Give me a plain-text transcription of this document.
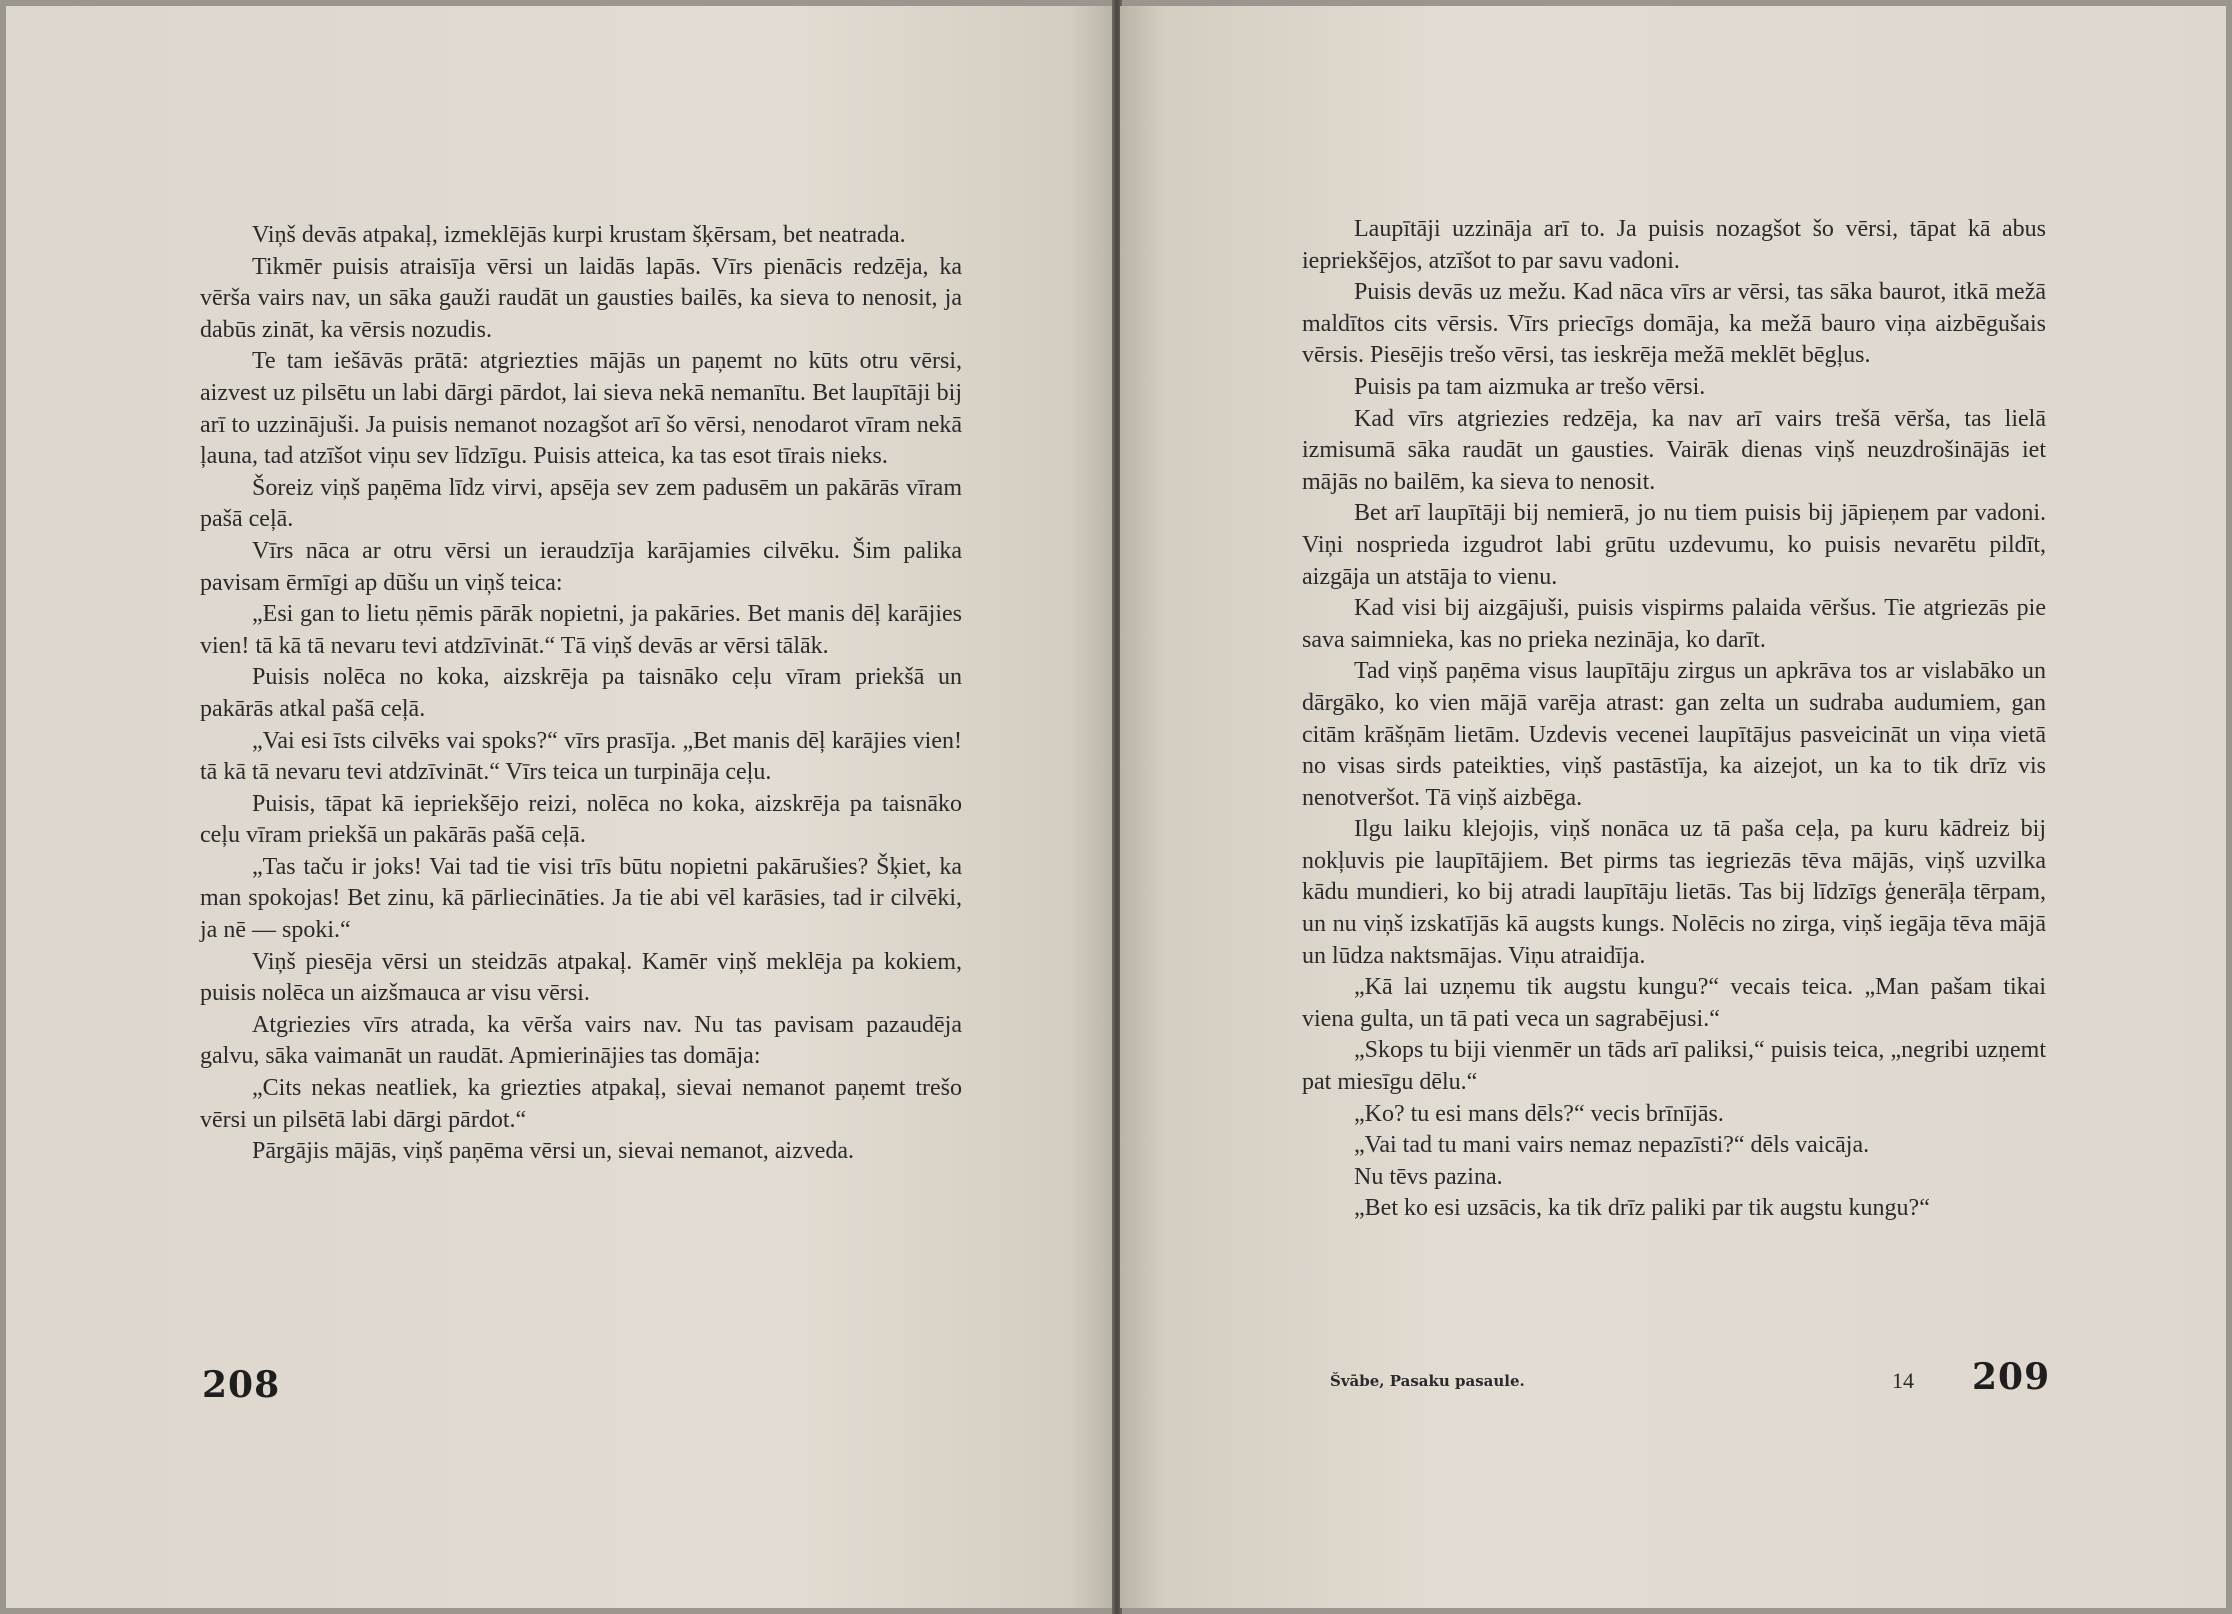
Viņš devās atpakaļ, izmeklējās kurpi krustam šķērsam, bet neatrada.

Tikmēr puisis atraisīja vērsi un laidās lapās. Vīrs pienācis redzēja, ka vērša vairs nav, un sāka gauži raudāt un gausties bailēs, ka sieva to nenosit, ja dabūs zināt, ka vērsis nozudis.

Te tam iešāvās prātā: atgriezties mājās un paņemt no kūts otru vērsi, aizvest uz pilsētu un labi dārgi pārdot, lai sieva nekā nemanītu. Bet laupītāji bij arī to uzzinājuši. Ja puisis nemanot nozagšot arī šo vērsi, nenodarot vīram nekā ļauna, tad atzīšot viņu sev līdzīgu. Puisis atteica, ka tas esot tīrais nieks.

Šoreiz viņš paņēma līdz virvi, apsēja sev zem padusēm un pakārās vīram pašā ceļā.

Vīrs nāca ar otru vērsi un ieraudzīja karājamies cilvēku. Šim palika pavisam ērmīgi ap dūšu un viņš teica:

„Esi gan to lietu ņēmis pārāk nopietni, ja pakāries. Bet manis dēļ karājies vien! tā kā tā nevaru tevi atdzīvināt.“ Tā viņš devās ar vērsi tālāk.

Puisis nolēca no koka, aizskrēja pa taisnāko ceļu vīram priekšā un pakārās atkal pašā ceļā.

„Vai esi īsts cilvēks vai spoks?“ vīrs prasīja. „Bet manis dēļ karājies vien! tā kā tā nevaru tevi atdzīvināt.“ Vīrs teica un turpināja ceļu.

Puisis, tāpat kā iepriekšējo reizi, nolēca no koka, aizskrēja pa taisnāko ceļu vīram priekšā un pakārās pašā ceļā.

„Tas taču ir joks! Vai tad tie visi trīs būtu nopietni pakārušies? Šķiet, ka man spokojas! Bet zinu, kā pārliecināties. Ja tie abi vēl karāsies, tad ir cilvēki, ja nē — spoki.“

Viņš piesēja vērsi un steidzās atpakaļ. Kamēr viņš meklēja pa kokiem, puisis nolēca un aizšmauca ar visu vērsi.

Atgriezies vīrs atrada, ka vērša vairs nav. Nu tas pavisam pazaudēja galvu, sāka vaimanāt un raudāt. Apmierinājies tas domāja:

„Cits nekas neatliek, ka griezties atpakaļ, sievai nemanot paņemt trešo vērsi un pilsētā labi dārgi pārdot.“

Pārgājis mājās, viņš paņēma vērsi un, sievai nemanot, aizveda.

208

Laupītāji uzzināja arī to. Ja puisis nozagšot šo vērsi, tāpat kā abus iepriekšējos, atzīšot to par savu vadoni.

Puisis devās uz mežu. Kad nāca vīrs ar vērsi, tas sāka baurot, itkā mežā maldītos cits vērsis. Vīrs priecīgs domāja, ka mežā bauro viņa aizbēgušais vērsis. Piesējis trešo vērsi, tas ieskrēja mežā meklēt bēgļus.

Puisis pa tam aizmuka ar trešo vērsi.

Kad vīrs atgriezies redzēja, ka nav arī vairs trešā vērša, tas lielā izmisumā sāka raudāt un gausties. Vairāk dienas viņš neuzdrošinājās iet mājās no bailēm, ka sieva to nenosit.

Bet arī laupītāji bij nemierā, jo nu tiem puisis bij jāpieņem par vadoni. Viņi nosprieda izgudrot labi grūtu uzdevumu, ko puisis nevarētu pildīt, aizgāja un atstāja to vienu.

Kad visi bij aizgājuši, puisis vispirms palaida vēršus. Tie atgriezās pie sava saimnieka, kas no prieka nezināja, ko darīt.

Tad viņš paņēma visus laupītāju zirgus un apkrāva tos ar vislabāko un dārgāko, ko vien mājā varēja atrast: gan zelta un sudraba audumiem, gan citām krāšņām lietām. Uzdevis vecenei laupītājus pasveicināt un viņa vietā no visas sirds pateikties, viņš pastāstīja, ka aizejot, un ka to tik drīz vis nenotveršot. Tā viņš aizbēga.

Ilgu laiku klejojis, viņš nonāca uz tā paša ceļa, pa kuru kādreiz bij nokļuvis pie laupītājiem. Bet pirms tas iegriezās tēva mājās, viņš uzvilka kādu mundieri, ko bij atradi laupītāju lietās. Tas bij līdzīgs ģenerāļa tērpam, un nu viņš izskatījās kā augsts kungs. Nolēcis no zirga, viņš iegāja tēva mājā un lūdza naktsmājas. Viņu atraidīja.

„Kā lai uzņemu tik augstu kungu?“ vecais teica. „Man pašam tikai viena gulta, un tā pati veca un sagrabējusi.“

„Skops tu biji vienmēr un tāds arī paliksi,“ puisis teica, „negribi uzņemt pat miesīgu dēlu.“

„Ko? tu esi mans dēls?“ vecis brīnījās.

„Vai tad tu mani vairs nemaz nepazīsti?“ dēls vaicāja.

Nu tēvs pazina.

„Bet ko esi uzsācis, ka tik drīz paliki par tik augstu kungu?“

Švābe, Pasaku pasaule.	14 209
